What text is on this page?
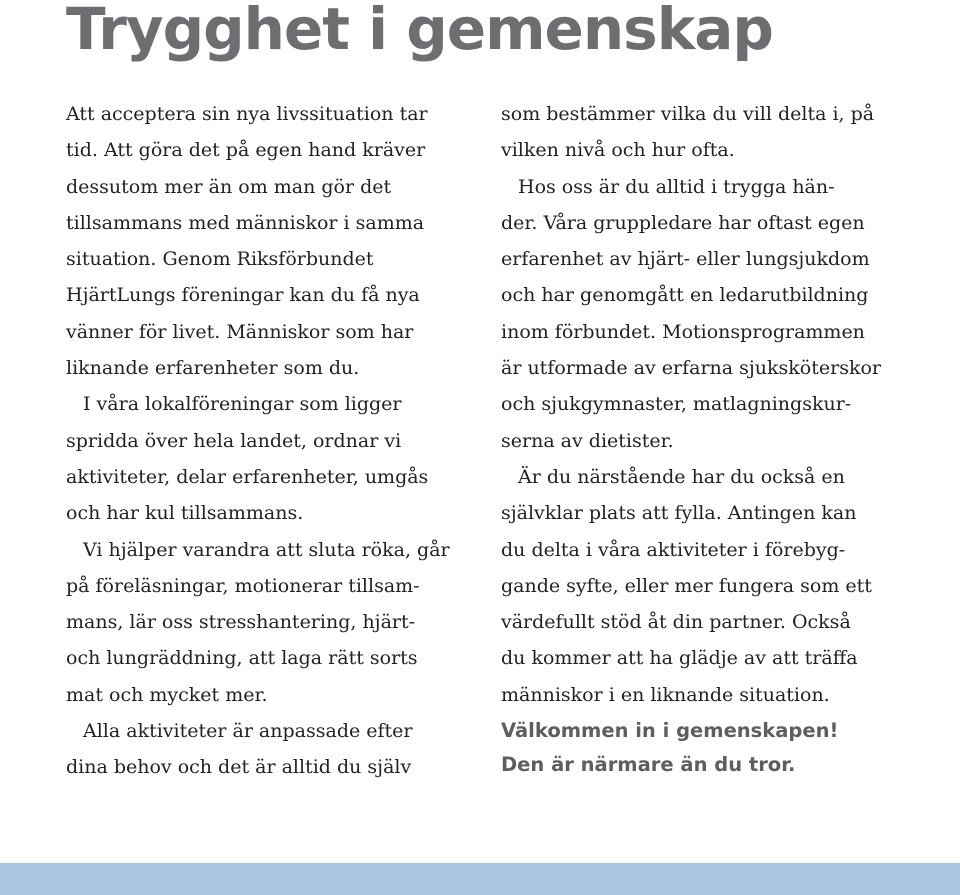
Trygghet i gemenskap
Att acceptera sin nya livssituation tar
tid. Att göra det på egen hand kräver
dessutom mer än om man gör det
tillsammans med människor i samma
situation. Genom Riksförbundet
HjärtLungs föreningar kan du få nya
vänner för livet. Människor som har
liknande erfarenheter som du.
I våra lokalföreningar som ligger
spridda över hela landet, ordnar vi
aktiviteter, delar erfarenheter, umgås
och har kul tillsammans.
Vi hjälper varandra att sluta röka, går
på föreläsningar, motionerar tillsam-
mans, lär oss stresshantering, hjärt-
och lungräddning, att laga rätt sorts
mat och mycket mer.
Alla aktiviteter är anpassade efter
dina behov och det är alltid du själv
som bestämmer vilka du vill delta i, på
vilken nivå och hur ofta.
Hos oss är du alltid i trygga hän-
der. Våra gruppledare har oftast egen
erfarenhet av hjärt- eller lungsjukdom
och har genomgått en ledarutbildning
inom förbundet. Motionsprogrammen
är utformade av erfarna sjuksköterskor
och sjukgymnaster, matlagningskur-
serna av dietister.
Är du närstående har du också en
självklar plats att fylla. Antingen kan
du delta i våra aktiviteter i förebyg-
gande syfte, eller mer fungera som ett
värdefullt stöd åt din partner. Också
du kommer att ha glädje av att träffa
människor i en liknande situation.
Välkommen in i gemenskapen!
Den är närmare än du tror.
